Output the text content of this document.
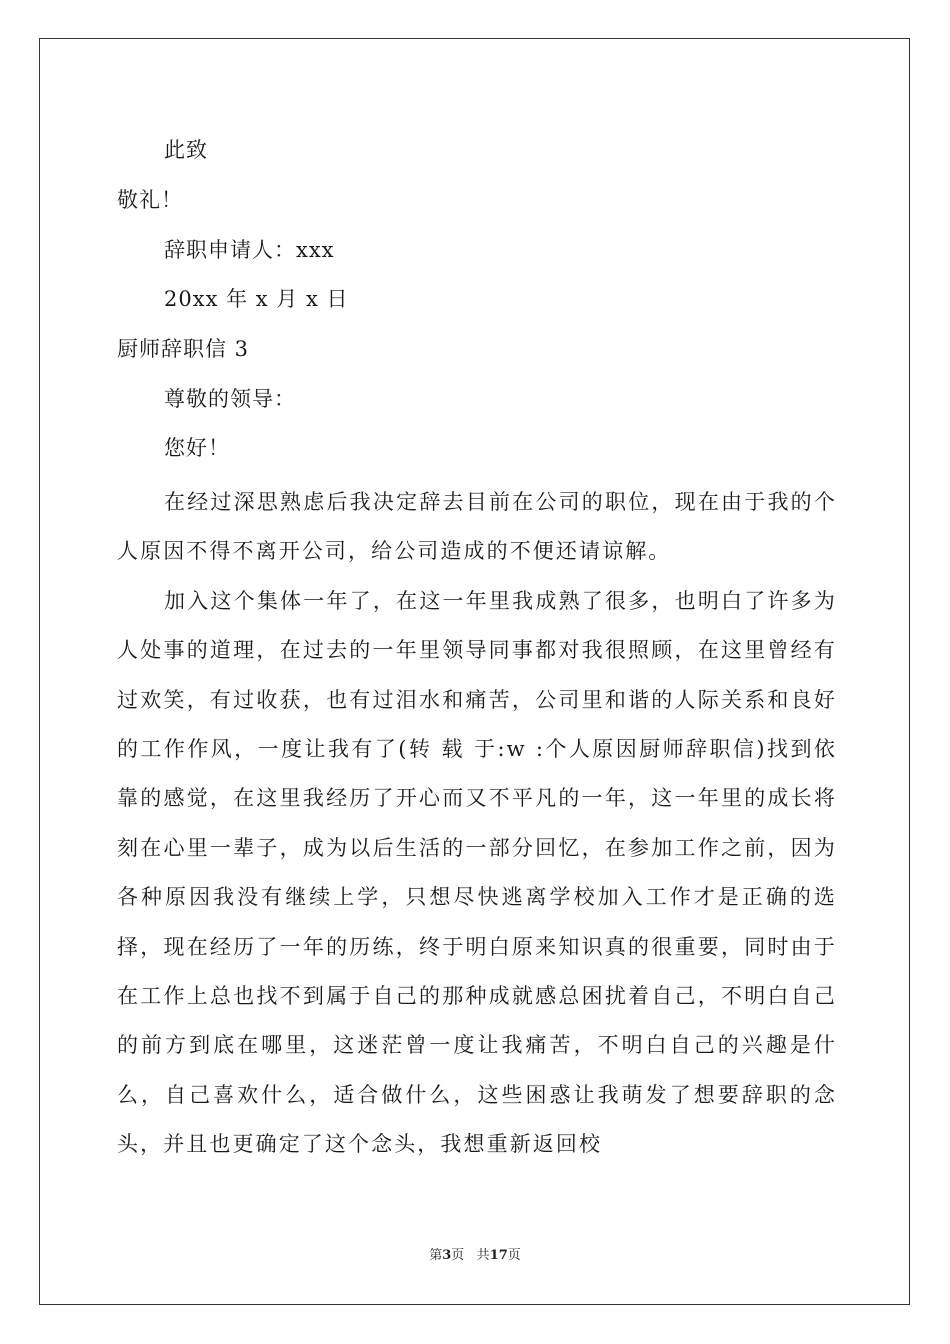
此致
敬礼！
辞职申请人：xxx
20xx 年 x 月 x 日
厨师辞职信 3
尊敬的领导：
您好！

在经过深思熟虑后我决定辞去目前在公司的职位，现在由于我的个人原因不得不离开公司，给公司造成的不便还请谅解。

加入这个集体一年了，在这一年里我成熟了很多，也明白了许多为人处事的道理，在过去的一年里领导同事都对我很照顾，在这里曾经有过欢笑，有过收获，也有过泪水和痛苦，公司里和谐的人际关系和良好的工作作风，一度让我有了(转 载 于:w :个人原因厨师辞职信)找到依靠的感觉，在这里我经历了开心而又不平凡的一年，这一年里的成长将刻在心里一辈子，成为以后生活的一部分回忆，在参加工作之前，因为各种原因我没有继续上学，只想尽快逃离学校加入工作才是正确的选择，现在经历了一年的历练，终于明白原来知识真的很重要，同时由于在工作上总也找不到属于自己的那种成就感总困扰着自己，不明白自己的前方到底在哪里，这迷茫曾一度让我痛苦，不明白自己的兴趣是什么，自己喜欢什么，适合做什么，这些困惑让我萌发了想要辞职的念头，并且也更确定了这个念头，我想重新返回校

第3页 共17页
